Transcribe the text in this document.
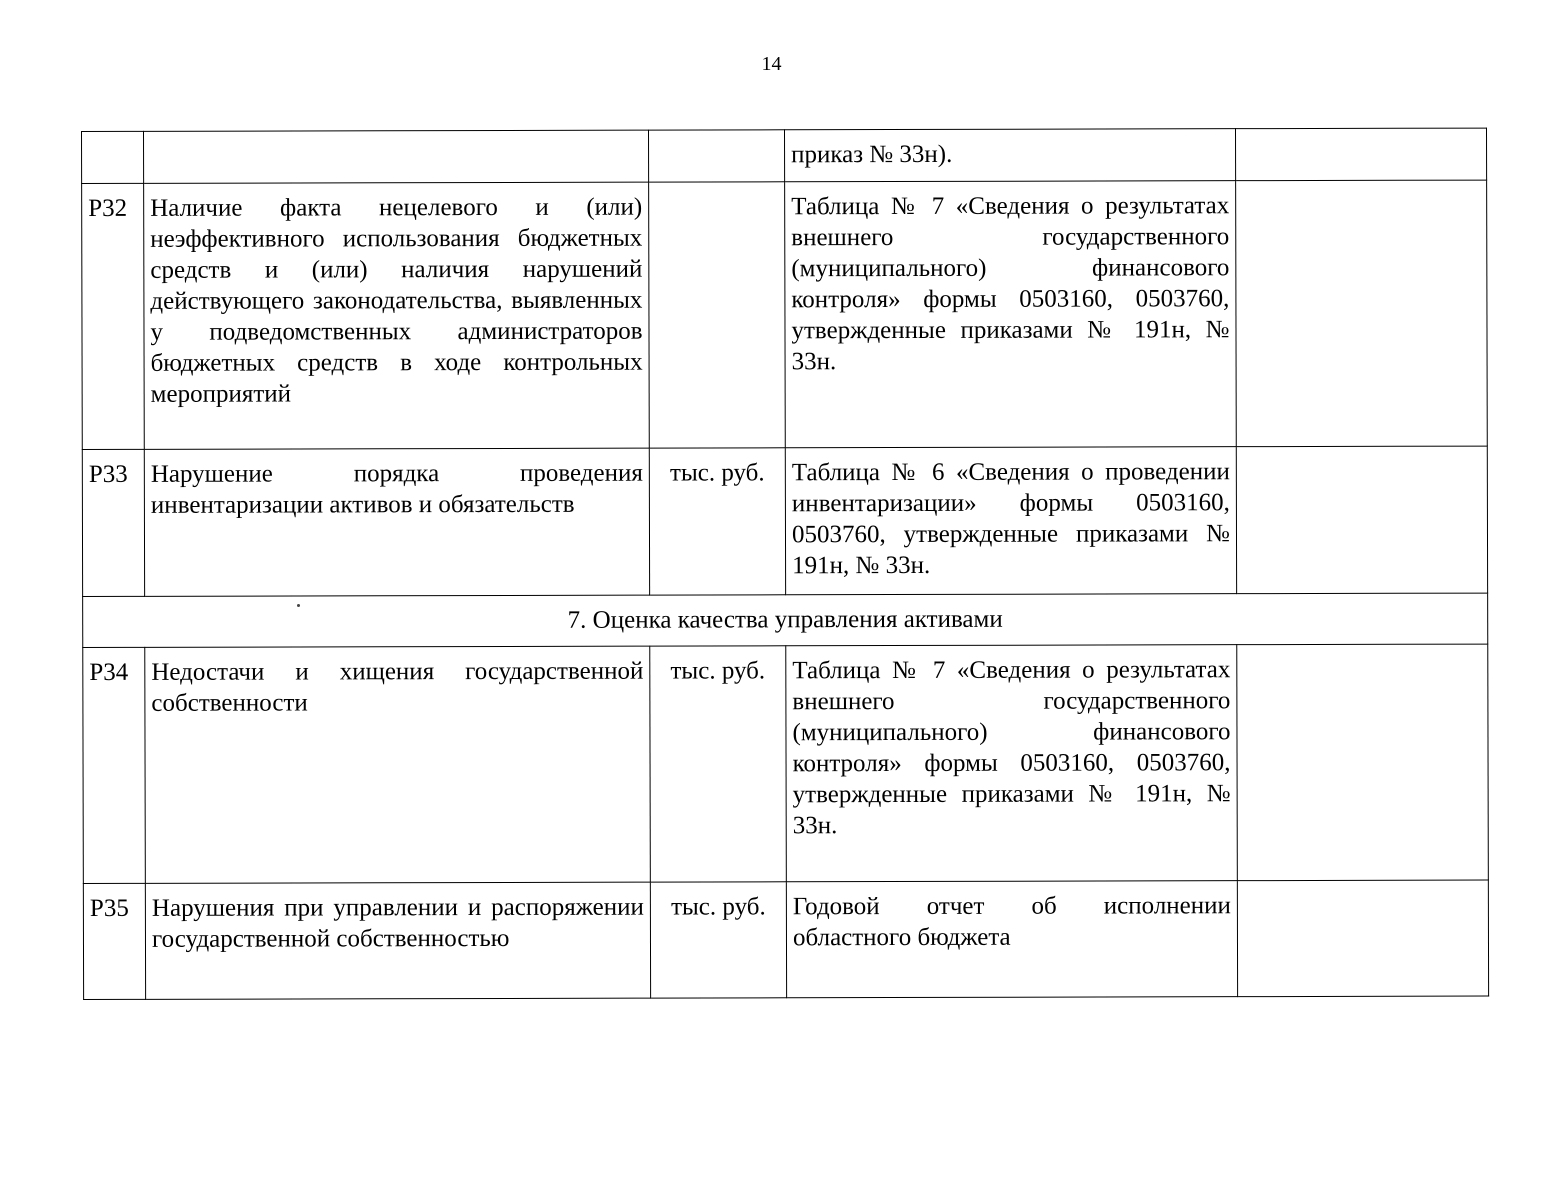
14
			приказ № 33н).	
Р32	Наличие факта нецелевого и (или) неэффективного использования бюджетных средств и (или) наличия нарушений действующего законодательства, выявленных у подведомственных администраторов бюджетных средств в ходе контрольных мероприятий		Таблица № 7 «Сведения о результатах внешнего государственного (муниципального) финансового контроля» формы 0503160, 0503760, утвержденные приказами № 191н, № 33н.	
Р33	Нарушение порядка проведения инвентаризации активов и обязательств	тыс. руб.	Таблица № 6 «Сведения о проведении инвентаризации» формы 0503160, 0503760, утвержденные приказами № 191н, № 33н.	
7. Оценка качества управления активами				
Р34	Недостачи и хищения государственной собственности	тыс. руб.	Таблица № 7 «Сведения о результатах внешнего государственного (муниципального) финансового контроля» формы 0503160, 0503760, утвержденные приказами № 191н, № 33н.	
Р35	Нарушения при управлении и распоряжении государственной собственностью	тыс. руб.	Годовой отчет об исполнении областного бюджета	
